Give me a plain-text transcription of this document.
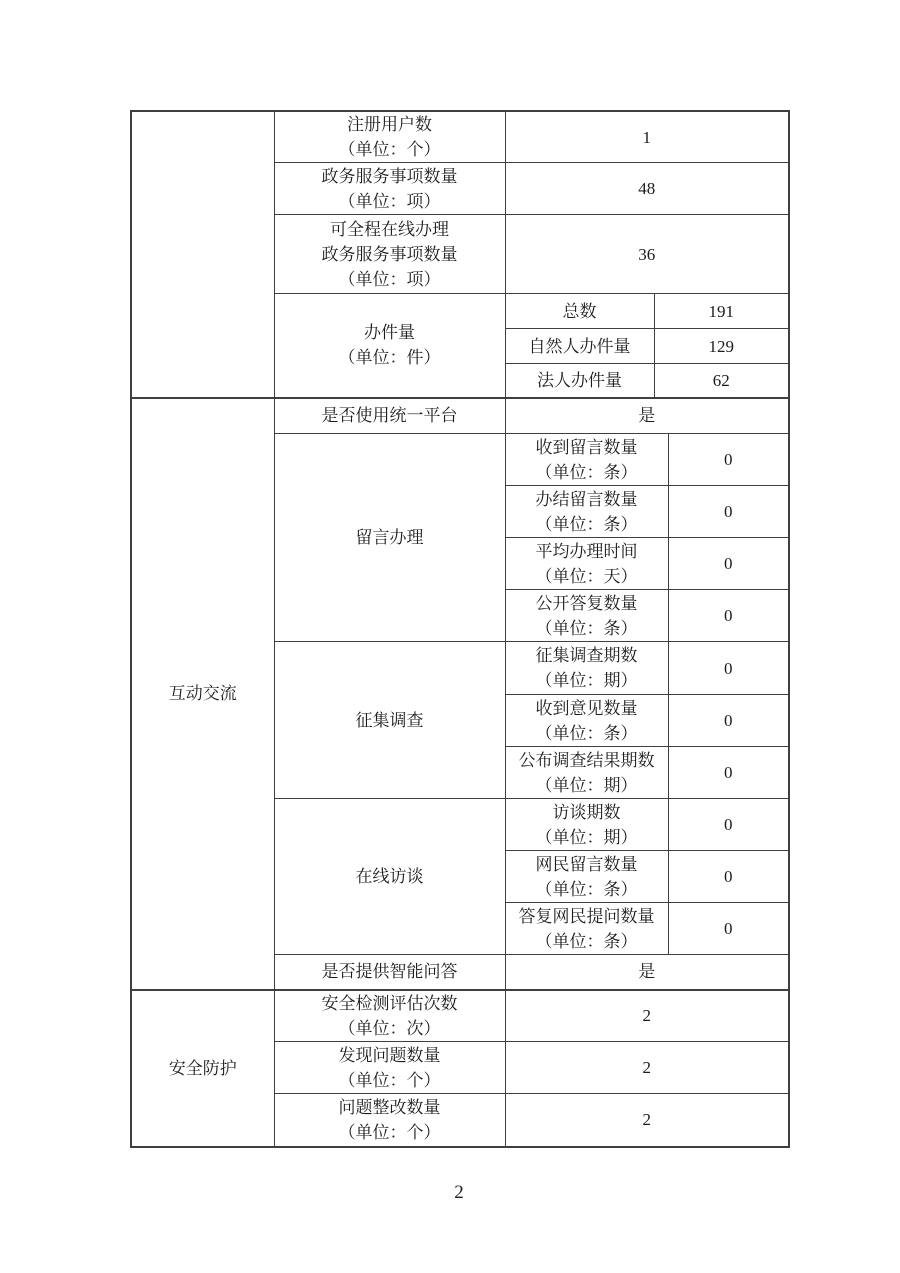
	注册用户数
（单位：个）	1		

	政务服务事项数量
（单位：项）	48		

	可全程在线办理
政务服务事项数量
（单位：项）	36		

	办件量
（单位：件）	总数	191	
		自然人办件量	129	
		法人办件量	62	

互动交流	是否使用统一平台	是		
	留言办理	收到留言数量
（单位：条）		0

		办结留言数量
（单位：条）		0

		平均办理时间
（单位：天）		0

		公开答复数量
（单位：条）		0
	征集调查	征集调查期数
（单位：期）		0

		收到意见数量
（单位：条）		0

		公布调查结果期数
（单位：期）		0
	在线访谈	访谈期数
（单位：期）		0

		网民留言数量
（单位：条）		0

		答复网民提问数量
（单位：条）		0
	是否提供智能问答	是		

安全防护	安全检测评估次数
（单位：次）	2		

	发现问题数量
（单位：个）	2		

	问题整改数量
（单位：个）	2		
2
